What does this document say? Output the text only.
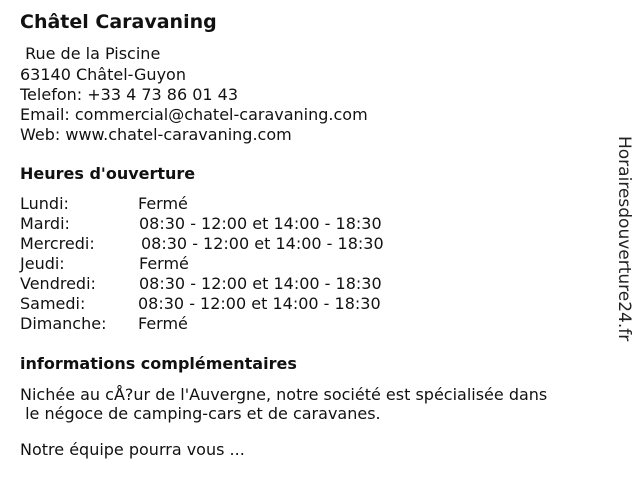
Châtel Caravaning
Rue de la Piscine
63140 Châtel-Guyon
Telefon: +33 4 73 86 01 43
Email: commercial@chatel-caravaning.com
Web: www.chatel-caravaning.com
Heures d'ouverture
Lundi:	Fermé
Mardi:	08:30 - 12:00 et 14:00 - 18:30
Mercredi:	08:30 - 12:00 et 14:00 - 18:30
Jeudi:	Fermé
Vendredi:	08:30 - 12:00 et 14:00 - 18:30
Samedi:	08:30 - 12:00 et 14:00 - 18:30
Dimanche: Fermé
informations complémentaires
Nichée au cÅ?ur de l'Auvergne, notre société est spécialisée dans
le négoce de camping-cars et de caravanes.
Notre équipe pourra vous ...
Horairesdouverture24.fr
